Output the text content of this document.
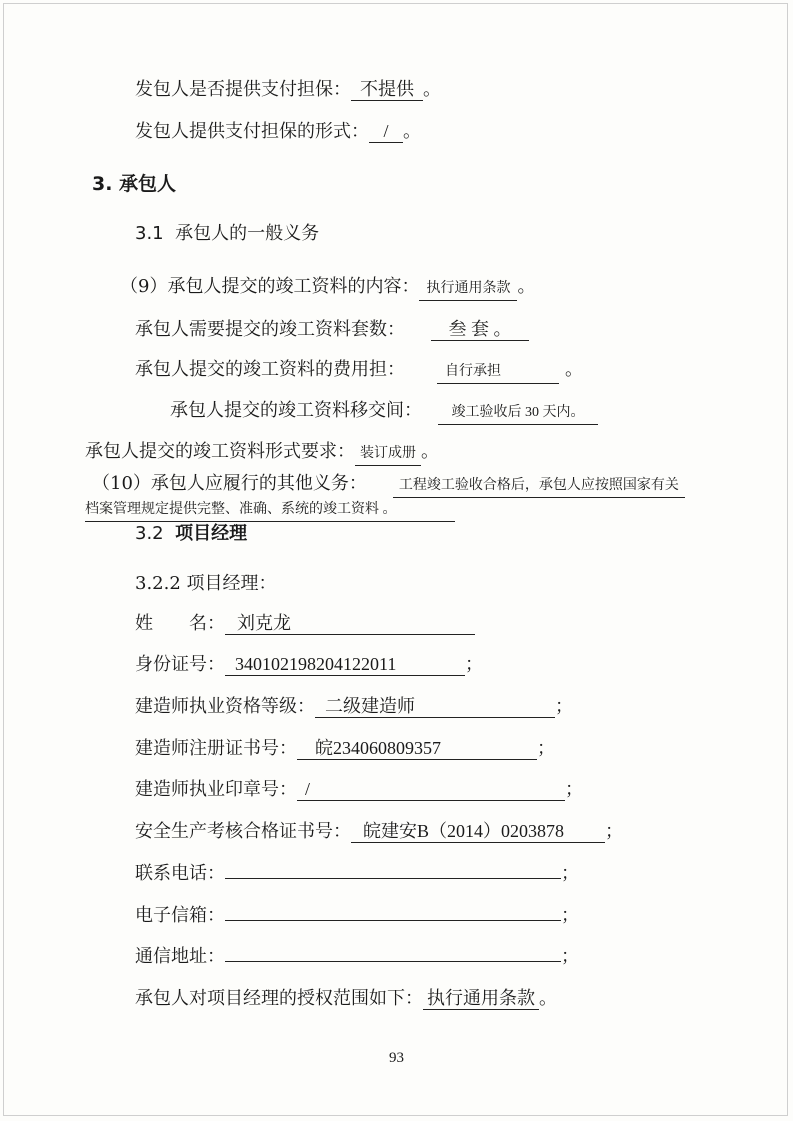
发包人是否提供支付担保： 不提供 。
发包人提供支付担保的形式： / 。
3. 承包人
3.1 承包人的一般义务
（9）承包人提交的竣工资料的内容： 执行通用条款 。
承包人需要提交的竣工资料套数： 叁 套 。
承包人提交的竣工资料的费用担：	自行承担	。
承包人提交的竣工资料移交间： 竣工验收后 30 天内。
承包人提交的竣工资料形式要求： 装订成册 。
（10）承包人应履行的其他义务： 工程竣工验收合格后，承包人应按照国家有关
档案管理规定提供完整、准确、系统的竣工资料 。
3.2 项目经理
3.2.2 项目经理：
姓　　名： 刘克龙
身份证号： 340102198204122011	；
建造师执业资格等级： 二级建造师	；
建造师注册证书号： 皖234060809357	；
建造师执业印章号： /	；
安全生产考核合格证书号： 皖建安B（2014）0203878 ；
联系电话：	；
电子信箱：	；
通信地址：	；
承包人对项目经理的授权范围如下： 执行通用条款 。
93
